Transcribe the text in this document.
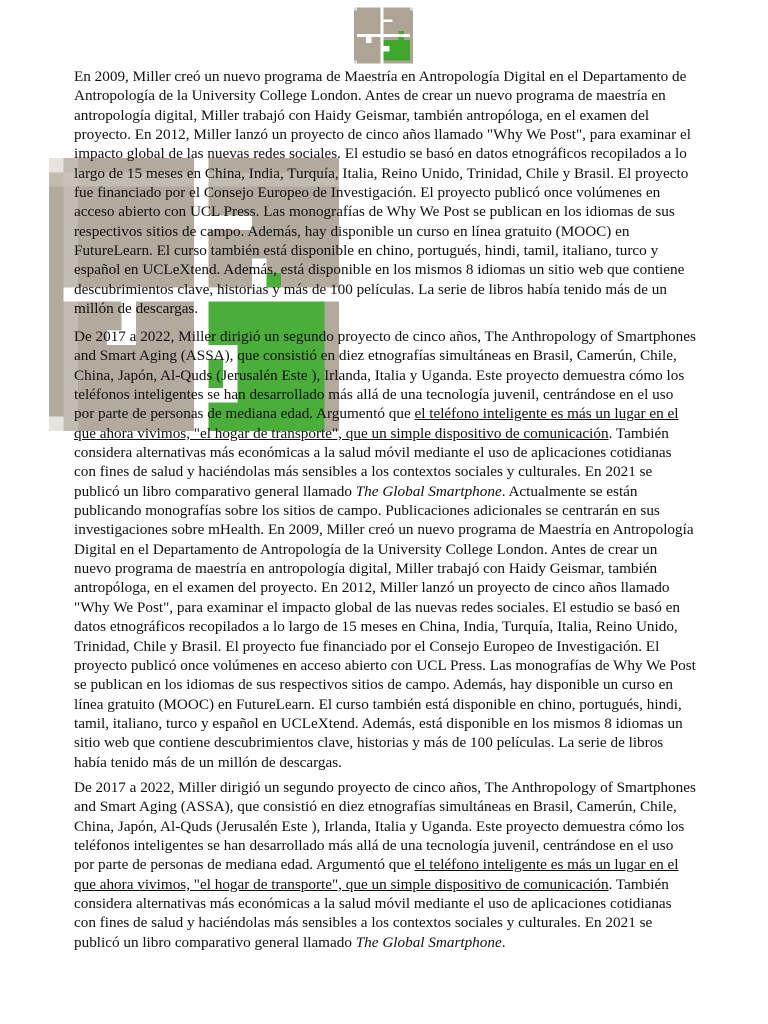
En 2009, Miller creó un nuevo programa de Maestría en Antropología Digital en el Departamento de Antropología de la University College London. Antes de crear un nuevo programa de maestría en antropología digital, Miller trabajó con Haidy Geismar, también antropóloga, en el examen del proyecto. En 2012, Miller lanzó un proyecto de cinco años llamado "Why We Post", para examinar el impacto global de las nuevas redes sociales. El estudio se basó en datos etnográficos recopilados a lo largo de 15 meses en China, India, Turquía, Italia, Reino Unido, Trinidad, Chile y Brasil. El proyecto fue financiado por el Consejo Europeo de Investigación. El proyecto publicó once volúmenes en acceso abierto con UCL Press. Las monografías de Why We Post se publican en los idiomas de sus respectivos sitios de campo. Además, hay disponible un curso en línea gratuito (MOOC) en FutureLearn. El curso también está disponible en chino, portugués, hindi, tamil, italiano, turco y español en UCLeXtend. Además, está disponible en los mismos 8 idiomas un sitio web que contiene descubrimientos clave, historias y más de 100 películas. La serie de libros había tenido más de un millón de descargas.

De 2017 a 2022, Miller dirigió un segundo proyecto de cinco años, The Anthropology of Smartphones and Smart Aging (ASSA), que consistió en diez etnografías simultáneas en Brasil, Camerún, Chile, China, Japón, Al-Quds (Jerusalén Este ), Irlanda, Italia y Uganda. Este proyecto demuestra cómo los teléfonos inteligentes se han desarrollado más allá de una tecnología juvenil, centrándose en el uso por parte de personas de mediana edad. Argumentó que el teléfono inteligente es más un lugar en el que ahora vivimos, "el hogar de transporte", que un simple dispositivo de comunicación. También considera alternativas más económicas a la salud móvil mediante el uso de aplicaciones cotidianas con fines de salud y haciéndolas más sensibles a los contextos sociales y culturales. En 2021 se publicó un libro comparativo general llamado The Global Smartphone. Actualmente se están publicando monografías sobre los sitios de campo. Publicaciones adicionales se centrarán en sus investigaciones sobre mHealth. En 2009, Miller creó un nuevo programa de Maestría en Antropología Digital en el Departamento de Antropología de la University College London. Antes de crear un nuevo programa de maestría en antropología digital, Miller trabajó con Haidy Geismar, también antropóloga, en el examen del proyecto. En 2012, Miller lanzó un proyecto de cinco años llamado "Why We Post", para examinar el impacto global de las nuevas redes sociales. El estudio se basó en datos etnográficos recopilados a lo largo de 15 meses en China, India, Turquía, Italia, Reino Unido, Trinidad, Chile y Brasil. El proyecto fue financiado por el Consejo Europeo de Investigación. El proyecto publicó once volúmenes en acceso abierto con UCL Press. Las monografías de Why We Post se publican en los idiomas de sus respectivos sitios de campo. Además, hay disponible un curso en línea gratuito (MOOC) en FutureLearn. El curso también está disponible en chino, portugués, hindi, tamil, italiano, turco y español en UCLeXtend. Además, está disponible en los mismos 8 idiomas un sitio web que contiene descubrimientos clave, historias y más de 100 películas. La serie de libros había tenido más de un millón de descargas.

De 2017 a 2022, Miller dirigió un segundo proyecto de cinco años, The Anthropology of Smartphones and Smart Aging (ASSA), que consistió en diez etnografías simultáneas en Brasil, Camerún, Chile, China, Japón, Al-Quds (Jerusalén Este ), Irlanda, Italia y Uganda. Este proyecto demuestra cómo los teléfonos inteligentes se han desarrollado más allá de una tecnología juvenil, centrándose en el uso por parte de personas de mediana edad. Argumentó que el teléfono inteligente es más un lugar en el que ahora vivimos, "el hogar de transporte", que un simple dispositivo de comunicación. También considera alternativas más económicas a la salud móvil mediante el uso de aplicaciones cotidianas con fines de salud y haciéndolas más sensibles a los contextos sociales y culturales. En 2021 se publicó un libro comparativo general llamado The Global Smartphone.
